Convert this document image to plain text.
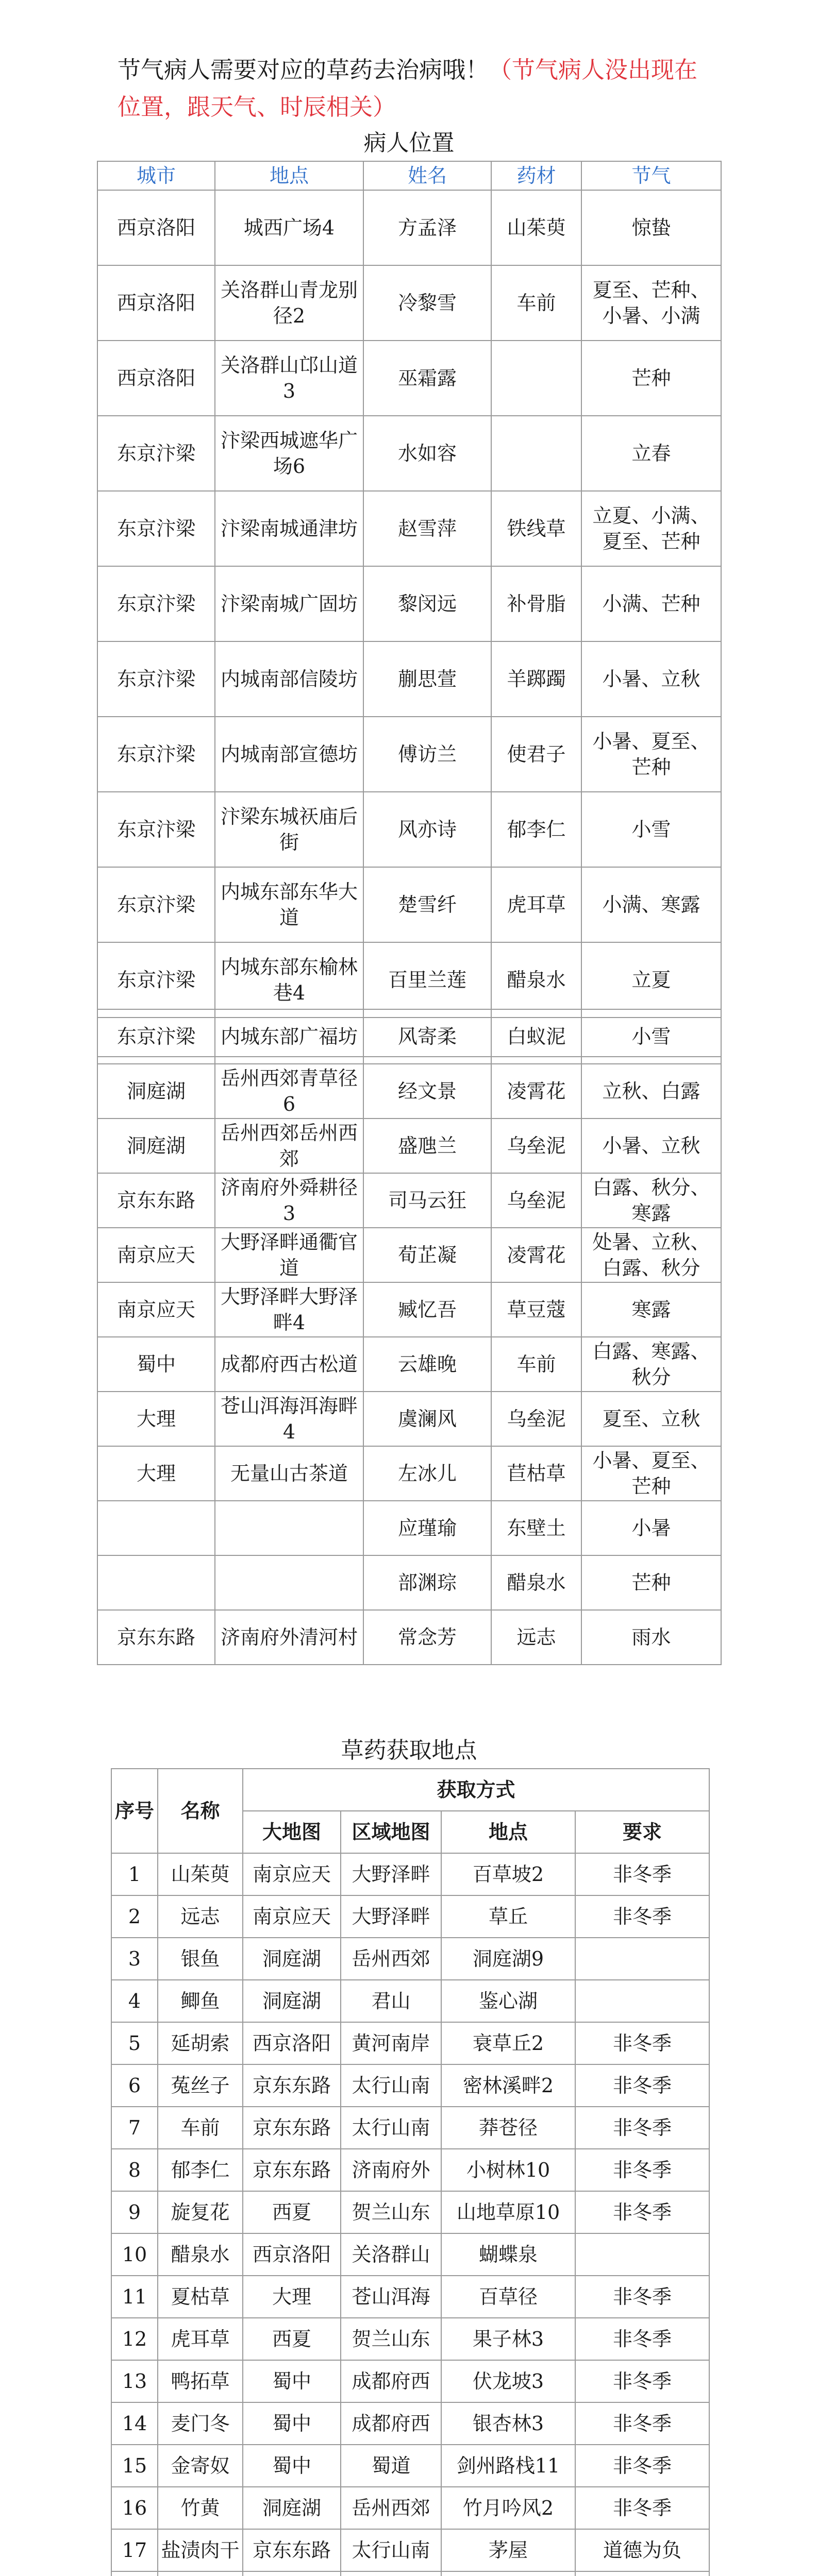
节气病人需要对应的草药去治病哦！（节气病人没出现在位置，跟天气、时辰相关）
病人位置
城市	地点	姓名	药材	节气
西京洛阳	城西广场4	方孟泽	山茱萸	惊蛰
西京洛阳	关洛群山青龙别径2	冷黎雪	车前	夏至、芒种、小暑、小满
西京洛阳	关洛群山邙山道3	巫霜露		芒种
东京汴梁	汴梁西城遮华广场6	水如容		立春
东京汴梁	汴梁南城通津坊	赵雪萍	铁线草	立夏、小满、夏至、芒种
东京汴梁	汴梁南城广固坊	黎闵远	补骨脂	小满、芒种
东京汴梁	内城南部信陵坊	蒯思萱	羊踯躅	小暑、立秋
东京汴梁	内城南部宣德坊	傅访兰	使君子	小暑、夏至、芒种
东京汴梁	汴梁东城祆庙后街	风亦诗	郁李仁	小雪
东京汴梁	内城东部东华大道	楚雪纤	虎耳草	小满、寒露
东京汴梁	内城东部东榆林巷4	百里兰莲	醋泉水	立夏

东京汴梁	内城东部广福坊	风寄柔	白蚁泥	小雪
洞庭湖	岳州西郊青草径6	经文景	凌霄花	立秋、白露
洞庭湖	岳州西郊岳州西郊	盛虺兰	乌垒泥	小暑、立秋
京东东路	济南府外舜耕径3	司马云狂	乌垒泥	白露、秋分、寒露
南京应天	大野泽畔通衢官道	荀芷凝	凌霄花	处暑、立秋、白露、秋分
南京应天	大野泽畔大野泽畔4	臧忆吾	草豆蔻	寒露
蜀中	成都府西古松道	云雄晚	车前	白露、寒露、秋分
大理	苍山洱海洱海畔4	虞澜风	乌垒泥	夏至、立秋
大理	无量山古茶道	左冰儿	苣枯草	小暑、夏至、芒种
		应瑾瑜	东壁土	小暑
		部渊琮	醋泉水	芒种
京东东路	济南府外清河村	常念芳	远志	雨水
草药获取地点
序号	名称	获取方式			
		大地图	区域地图	地点	要求
1	山茱萸	南京应天	大野泽畔	百草坡2	非冬季
2	远志	南京应天	大野泽畔	草丘	非冬季
3	银鱼	洞庭湖	岳州西郊	洞庭湖9	
4	鲫鱼	洞庭湖	君山	鉴心湖	
5	延胡索	西京洛阳	黄河南岸	衰草丘2	非冬季
6	菟丝子	京东东路	太行山南	密林溪畔2	非冬季
7	车前	京东东路	太行山南	莽苍径	非冬季
8	郁李仁	京东东路	济南府外	小树林10	非冬季
9	旋复花	西夏	贺兰山东	山地草原10	非冬季
10	醋泉水	西京洛阳	关洛群山	蝴蝶泉	
11	夏枯草	大理	苍山洱海	百草径	非冬季
12	虎耳草	西夏	贺兰山东	果子林3	非冬季
13	鸭拓草	蜀中	成都府西	伏龙坡3	非冬季
14	麦门冬	蜀中	成都府西	银杏林3	非冬季
15	金寄奴	蜀中	蜀道	剑州路栈11	非冬季
16	竹黄	洞庭湖	岳州西郊	竹月吟风2	非冬季
17	盐渍肉干	京东东路	太行山南	茅屋	道德为负
